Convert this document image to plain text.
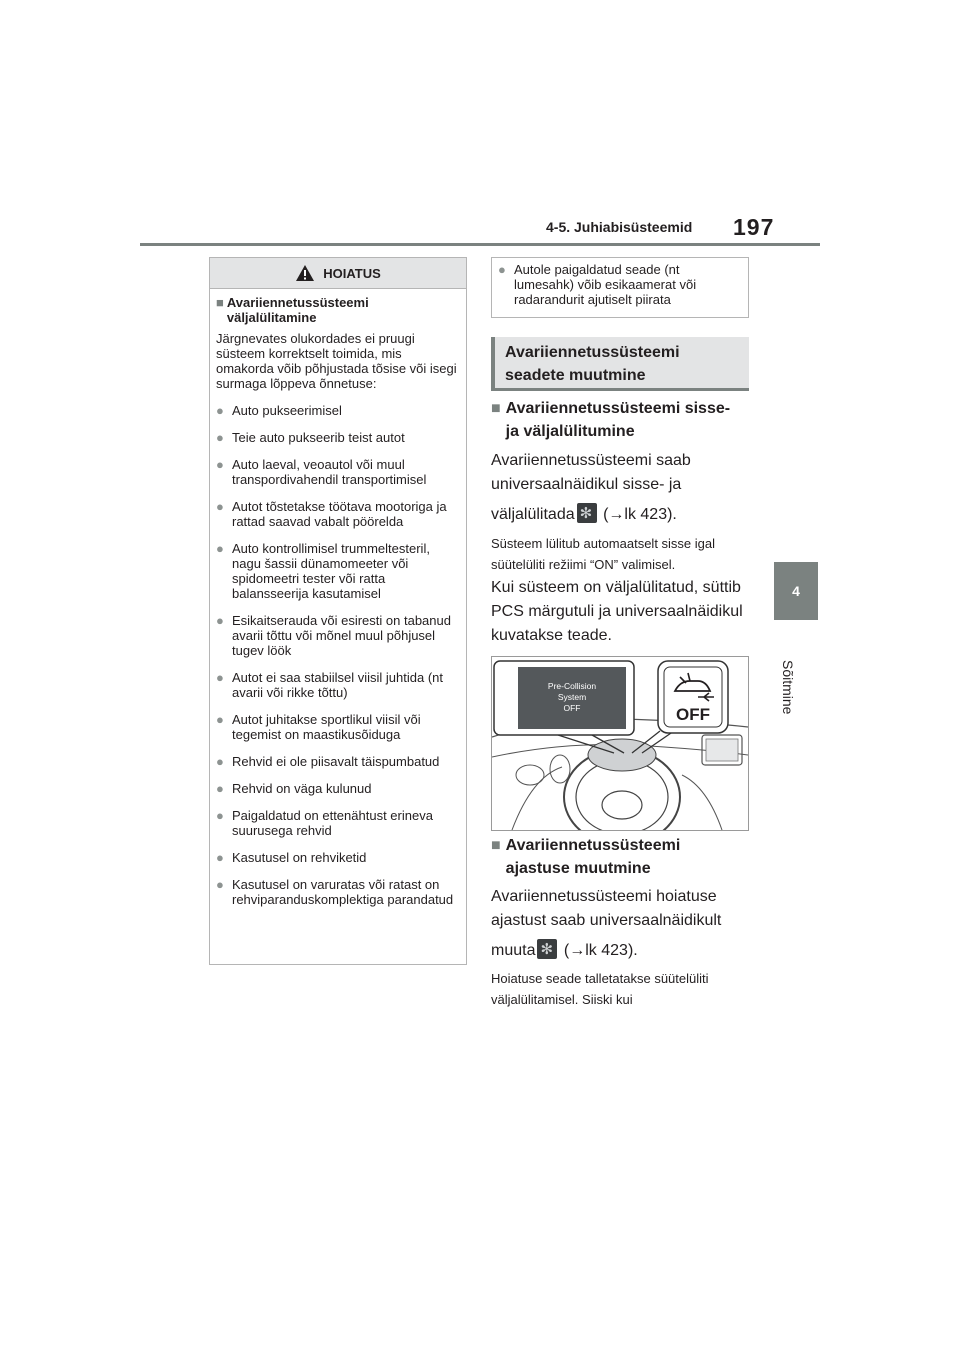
4-5. Juhiabisüsteemid 197
4
Sõitmine
HOIATUS
■ Avariiennetussüsteemi väljalülitamine
Järgnevates olukordades ei pruugi süsteem korrektselt toimida, mis omakorda võib põhjustada tõsise või isegi surmaga lõppeva õnnetuse:
● Auto pukseerimisel
● Teie auto pukseerib teist autot
● Auto laeval, veoautol või muul transpordivahendil transportimisel
● Autot tõstetakse töötava mootoriga ja rattad saavad vabalt pöörelda
● Auto kontrollimisel trummeltesteril, nagu šassii dünamomeeter või spidomeetri tester või ratta balansseerija kasutamisel
● Esikaitserauda või esiresti on tabanud avarii tõttu või mõnel muul põhjusel tugev löök
● Autot ei saa stabiilsel viisil juhtida (nt avarii või rikke tõttu)
● Autot juhitakse sportlikul viisil või tegemist on maastikusõiduga
● Rehvid ei ole piisavalt täispumbatud
● Rehvid on väga kulunud
● Paigaldatud on ettenähtust erineva suurusega rehvid
● Kasutusel on rehviketid
● Kasutusel on varuratas või ratast on rehviparanduskomplektiga parandatud
● Autole paigaldatud seade (nt lumesahk) võib esikaamerat või radarandurit ajutiselt piirata
Avariiennetussüsteemi
seadete muutmine
■ Avariiennetussüsteemi sisse-
ja väljalülitumine
Avariiennetussüsteemi saab
universaalnäidikul sisse- ja
väljalülitada ✻ (→lk 423).
Süsteem lülitub automaatselt sisse igal
süütelüliti režiimi “ON” valimisel.
Kui süsteem on väljalülitatud, süttib
PCS märgutuli ja universaalnäidikul
kuvatakse teade.
Pre-Collision
System
OFF	OFF
■ Avariiennetussüsteemi
ajastuse muutmine
Avariiennetussüsteemi hoiatuse
ajastust saab universaalnäidikult
muuta ✻ (→lk 423).
Hoiatuse seade talletatakse süütelüliti
väljalülitamisel. Siiski kui
